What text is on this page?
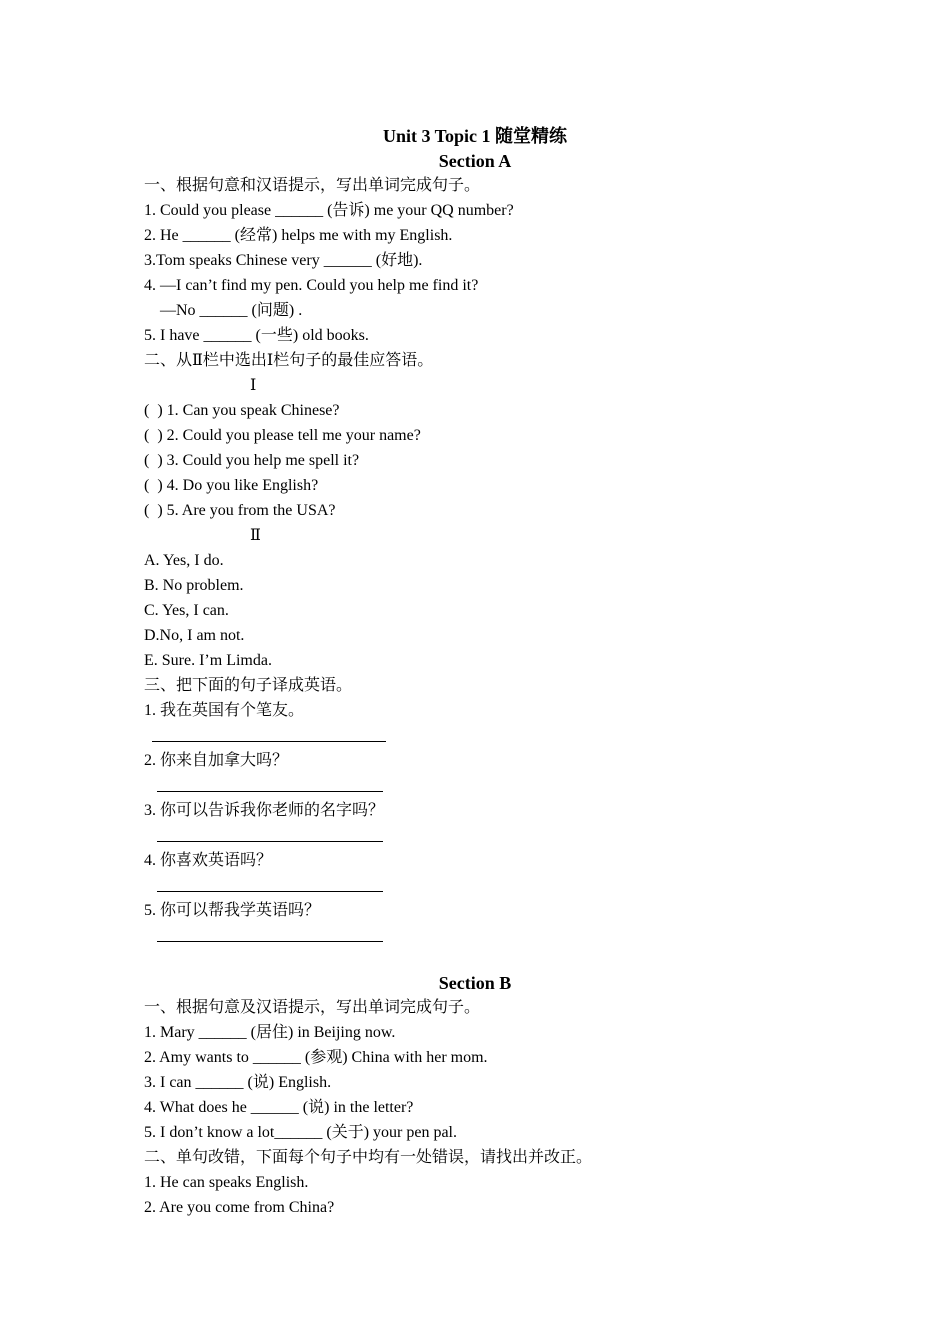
Unit 3 Topic 1 随堂精练
Section A
一、根据句意和汉语提示，写出单词完成句子。
1. Could you please ______ (告诉) me your QQ number?
2. He ______ (经常) helps me with my English.
3.Tom speaks Chinese very ______ (好地).
4. —I can’t find my pen. Could you help me find it?
—No ______ (问题) .
5. I have ______ (一些) old books.
二、从Ⅱ栏中选出Ⅰ栏句子的最佳应答语。
Ⅰ
(  ) 1. Can you speak Chinese?
(  ) 2. Could you please tell me your name?
(  ) 3. Could you help me spell it?
(  ) 4. Do you like English?
(  ) 5. Are you from the USA?
Ⅱ
A. Yes, I do.
B. No problem.
C. Yes, I can.
D.No, I am not.
E. Sure. I’m Limda.
三、把下面的句子译成英语。
1. 我在英国有个笔友。
2. 你来自加拿大吗？
3. 你可以告诉我你老师的名字吗？
4. 你喜欢英语吗？
5. 你可以帮我学英语吗？
Section B
一、根据句意及汉语提示，写出单词完成句子。
1. Mary ______ (居住) in Beijing now.
2. Amy wants to ______ (参观) China with her mom.
3. I can ______ (说) English.
4. What does he ______ (说) in the letter?
5. I don’t know a lot______ (关于) your pen pal.
二、单句改错，下面每个句子中均有一处错误，请找出并改正。
1. He can speaks English.
2. Are you come from China?
